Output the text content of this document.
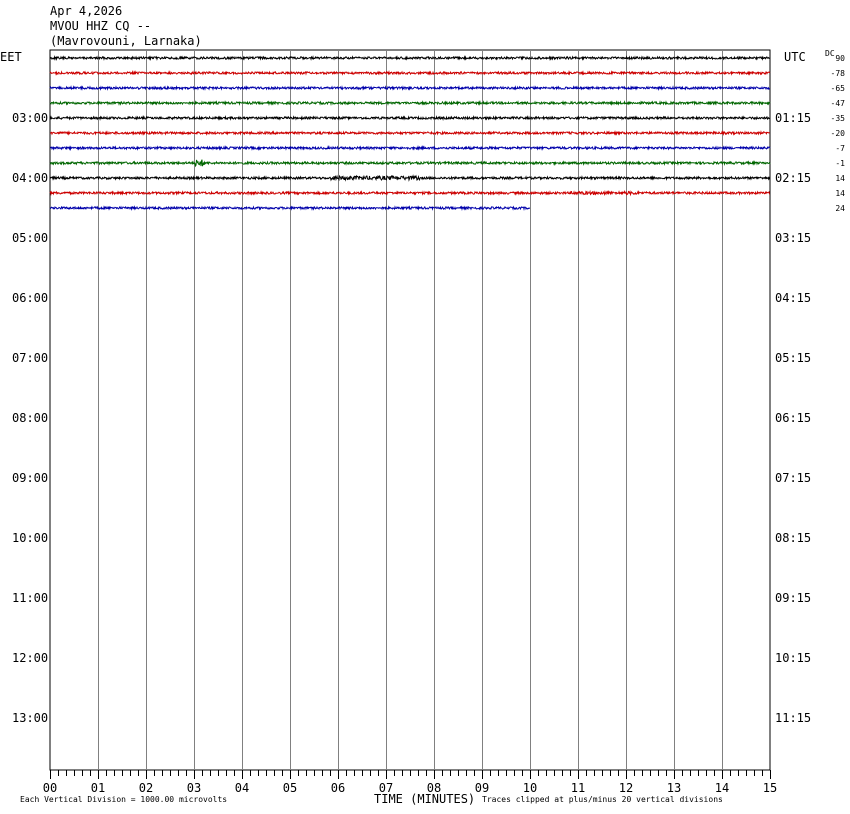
Apr 4,2026
MVOU HHZ CQ --
(Mavrovouni, Larnaka)
EET	UTC DC
90
-78
-65
-47
-35
-20
-7
-1
14
14
24
03:00	01:15
04:00	02:15
05:00	03:15
06:00	04:15
07:00	05:15
08:00	06:15
09:00	07:15
10:00	08:15
11:00	09:15
12:00	10:15
13:00	11:15
00	01	02	03	04	05	06	07	08	09	10	11	12	13	14	15
Each Vertical Division = 1000.00 microvolts	TIME (MINUTES) Traces clipped at plus/minus 20 vertical divisions
